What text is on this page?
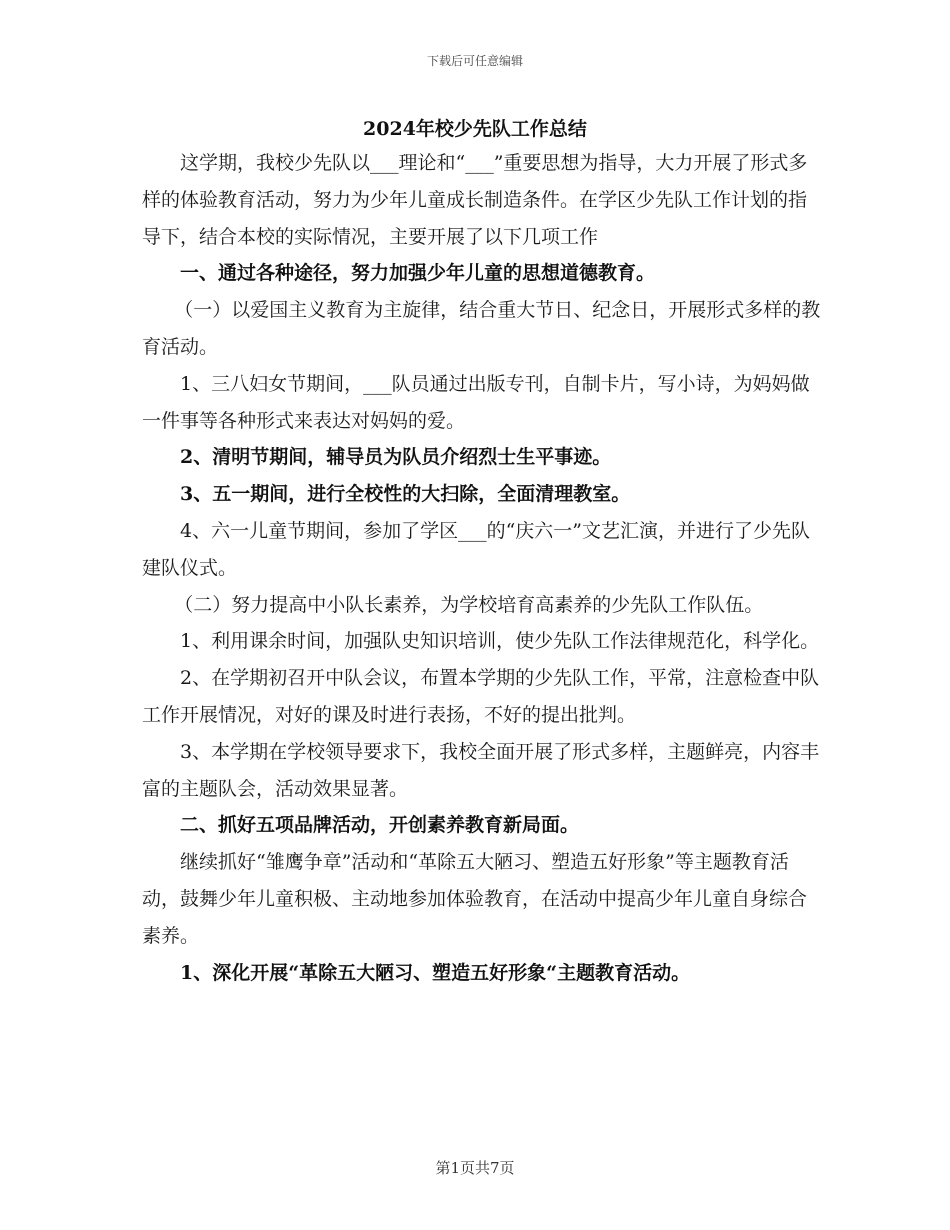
下载后可任意编辑
2024年校少先队工作总结

这学期，我校少先队以___理论和“___”重要思想为指导，大力开展了形式多样的体验教育活动，努力为少年儿童成长制造条件。在学区少先队工作计划的指导下，结合本校的实际情况，主要开展了以下几项工作

一、通过各种途径，努力加强少年儿童的思想道德教育。

（一）以爱国主义教育为主旋律，结合重大节日、纪念日，开展形式多样的教育活动。

1、三八妇女节期间，___队员通过出版专刊，自制卡片，写小诗，为妈妈做一件事等各种形式来表达对妈妈的爱。

2、清明节期间，辅导员为队员介绍烈士生平事迹。

3、五一期间，进行全校性的大扫除，全面清理教室。

4、六一儿童节期间，参加了学区___的“庆六一”文艺汇演，并进行了少先队建队仪式。

（二）努力提高中小队长素养，为学校培育高素养的少先队工作队伍。

1、利用课余时间，加强队史知识培训，使少先队工作法律规范化，科学化。

2、在学期初召开中队会议，布置本学期的少先队工作，平常，注意检查中队工作开展情况，对好的课及时进行表扬，不好的提出批判。

3、本学期在学校领导要求下，我校全面开展了形式多样，主题鲜亮，内容丰富的主题队会，活动效果显著。

二、抓好五项品牌活动，开创素养教育新局面。

继续抓好“雏鹰争章”活动和“革除五大陋习、塑造五好形象”等主题教育活动，鼓舞少年儿童积极、主动地参加体验教育，在活动中提高少年儿童自身综合素养。

1、深化开展“革除五大陋习、塑造五好形象“主题教育活动。

第1页共7页
